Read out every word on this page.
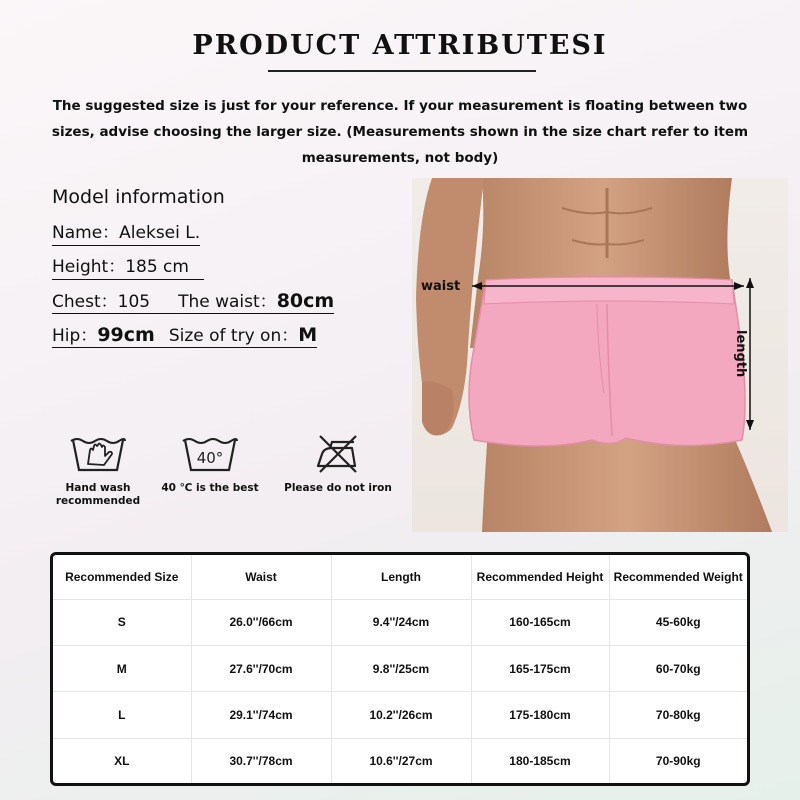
PRODUCT ATTRIBUTESI
The suggested size is just for your reference. If your measurement is floating between two sizes, advise choosing the larger size. (Measurements shown in the size chart refer to item measurements, not body)
Model information
Name：Aleksei L.
Height：185 cm
Chest：105 The waist：80cm
Hip：99cm Size of try on：M
Hand wash
recommended
40°
40 ℃ is the best	Please do not iron
waist
length
Recommended Size	Waist	Length	Recommended Height	Recommended Weight
S	26.0''/66cm	9.4''/24cm	160-165cm	45-60kg
M	27.6''/70cm	9.8''/25cm	165-175cm	60-70kg
L	29.1''/74cm	10.2''/26cm	175-180cm	70-80kg
XL	30.7''/78cm	10.6''/27cm	180-185cm	70-90kg
